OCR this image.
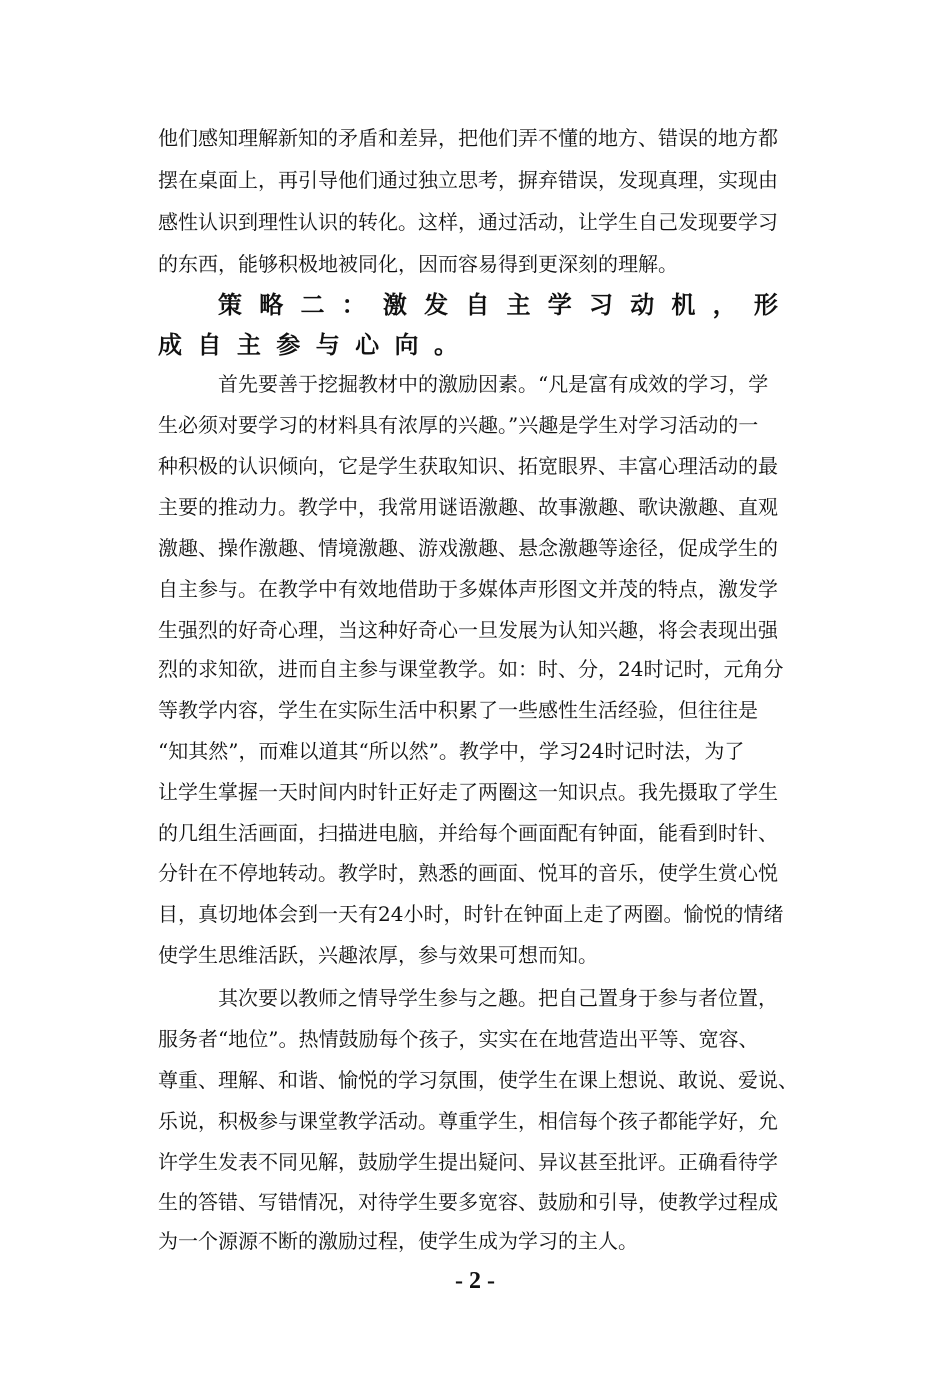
他们感知理解新知的矛盾和差异，把他们弄不懂的地方、错误的地方都
摆在桌面上，再引导他们通过独立思考，摒弃错误，发现真理，实现由
感性认识到理性认识的转化。这样，通过活动，让学生自己发现要学习
的东西，能够积极地被同化，因而容易得到更深刻的理解。
策 略 二 ： 激 发 自 主 学 习 动 机 ， 形
成 自 主 参 与 心 向 。
首先要善于挖掘教材中的激励因素。“凡是富有成效的学习，学
生必须对要学习的材料具有浓厚的兴趣。”兴趣是学生对学习活动的一
种积极的认识倾向，它是学生获取知识、拓宽眼界、丰富心理活动的最
主要的推动力。教学中，我常用谜语激趣、故事激趣、歌诀激趣、直观
激趣、操作激趣、情境激趣、游戏激趣、悬念激趣等途径，促成学生的
自主参与。在教学中有效地借助于多媒体声形图文并茂的特点，激发学
生强烈的好奇心理，当这种好奇心一旦发展为认知兴趣，将会表现出强
烈的求知欲，进而自主参与课堂教学。如：时、分，24时记时，元角分
等教学内容，学生在实际生活中积累了一些感性生活经验，但往往是
“知其然”，而难以道其“所以然”。教学中，学习24时记时法，为了
让学生掌握一天时间内时针正好走了两圈这一知识点。我先摄取了学生
的几组生活画面，扫描进电脑，并给每个画面配有钟面，能看到时针、
分针在不停地转动。教学时，熟悉的画面、悦耳的音乐，使学生赏心悦
目，真切地体会到一天有24小时，时针在钟面上走了两圈。愉悦的情绪
使学生思维活跃，兴趣浓厚，参与效果可想而知。
其次要以教师之情导学生参与之趣。把自己置身于参与者位置，
服务者“地位”。热情鼓励每个孩子，实实在在地营造出平等、宽容、
尊重、理解、和谐、愉悦的学习氛围，使学生在课上想说、敢说、爱说、
乐说，积极参与课堂教学活动。尊重学生，相信每个孩子都能学好，允
许学生发表不同见解，鼓励学生提出疑问、异议甚至批评。正确看待学
生的答错、写错情况，对待学生要多宽容、鼓励和引导，使教学过程成
为一个源源不断的激励过程，使学生成为学习的主人。
- 2 -
